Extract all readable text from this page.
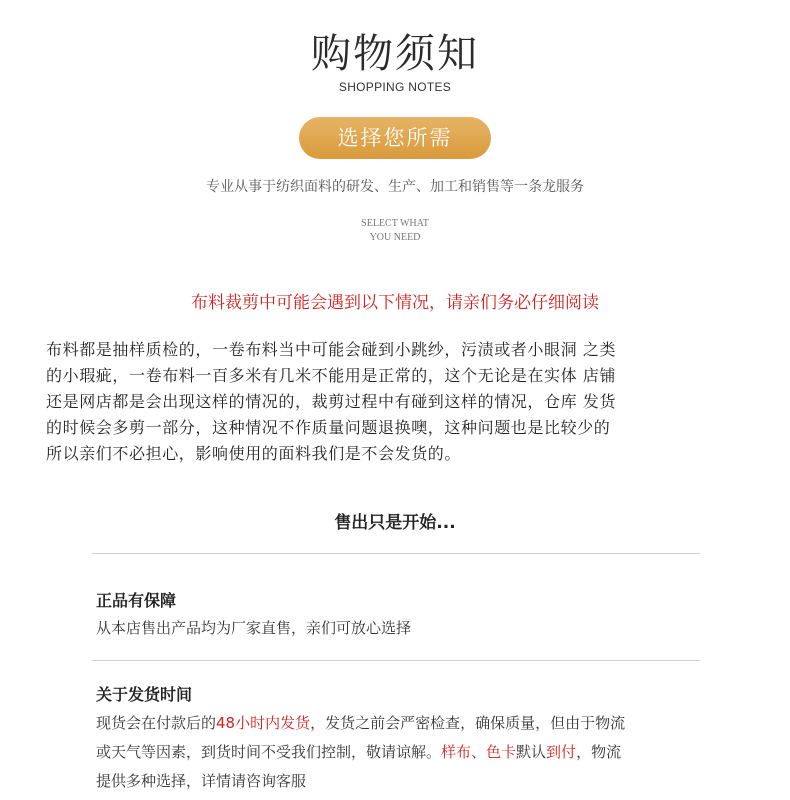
购物须知
SHOPPING NOTES
选择您所需
专业从事于纺织面料的研发、生产、加工和销售等一条龙服务
SELECT WHAT
YOU NEED
布料裁剪中可能会遇到以下情况，请亲们务必仔细阅读
布料都是抽样质检的，一卷布料当中可能会碰到小跳纱，污渍或者小眼洞 之类
的小瑕疵，一卷布料一百多米有几米不能用是正常的，这个无论是在实体 店铺
还是网店都是会出现这样的情况的，裁剪过程中有碰到这样的情况，仓库 发货
的时候会多剪一部分，这种情况不作质量问题退换噢，这种问题也是比较少的
所以亲们不必担心，影响使用的面料我们是不会发货的。
售出只是开始...
正品有保障
从本店售出产品均为厂家直售，亲们可放心选择
关于发货时间
现货会在付款后的48小时内发货，发货之前会严密检查，确保质量，但由于物流
或天气等因素，到货时间不受我们控制，敬请谅解。样布、色卡默认到付，物流
提供多种选择，详情请咨询客服
